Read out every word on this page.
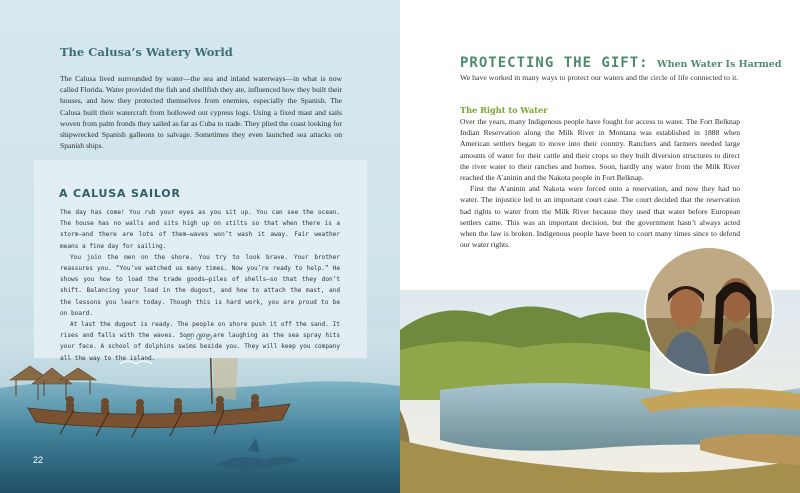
The Calusa’s Watery World

The Calusa lived surrounded by water—the sea and inland waterways—in what is now called Florida. Water provided the fish and shellfish they ate, influenced how they built their houses, and how they protected themselves from enemies, especially the Spanish. The Calusa built their watercraft from hollowed out cypress logs. Using a fixed mast and sails woven from palm fronds they sailed as far as Cuba to trade. They plied the coast looking for shipwrecked Spanish galleons to salvage. Sometimes they even launched sea attacks on Spanish ships.

A CALUSA SAILOR

The day has come! You rub your eyes as you sit up. You can see the ocean. The house has no walls and sits high up on stilts so that when there is a storm—and there are lots of them—waves won’t wash it away. Fair weather means a fine day for sailing.

You join the men on the shore. You try to look brave. Your brother reassures you. “You’ve watched us many times. Now you’re ready to help.” He shows you how to load the trade goods—piles of shells—so that they don’t shift. Balancing your load in the dugout, and how to attach the mast, and the lessons you learn today. Though this is hard work, you are proud to be on board.

At last the dugout is ready. The people on shore push it off the sand. It rises and falls with the waves. Soon you are laughing as the sea spray hits your face. A school of dolphins swims beside you. They will keep you company all the way to the island.

22
PROTECTING THE GIFT: When Water Is Harmed

We have worked in many ways to protect our waters and the circle of life connected to it.

The Right to Water

Over the years, many Indigenous people have fought for access to water. The Fort Belknap Indian Reservation along the Milk River in Montana was established in 1888 when American settlers began to move into their country. Ranchers and farmers needed large amounts of water for their cattle and their crops so they built diversion structures to direct the river water to their ranches and homes. Soon, hardly any water from the Milk River reached the A’aninin and the Nakota people in Fort Belknap.

First the A’aninin and Nakota were forced onto a reservation, and now they had no water. The injustice led to an important court case. The court decided that the reservation had rights to water from the Milk River because they used that water before European settlers came. This was an important decision, but the government hasn’t always acted when the law is broken. Indigenous people have been to court many times since to defend our water rights.
